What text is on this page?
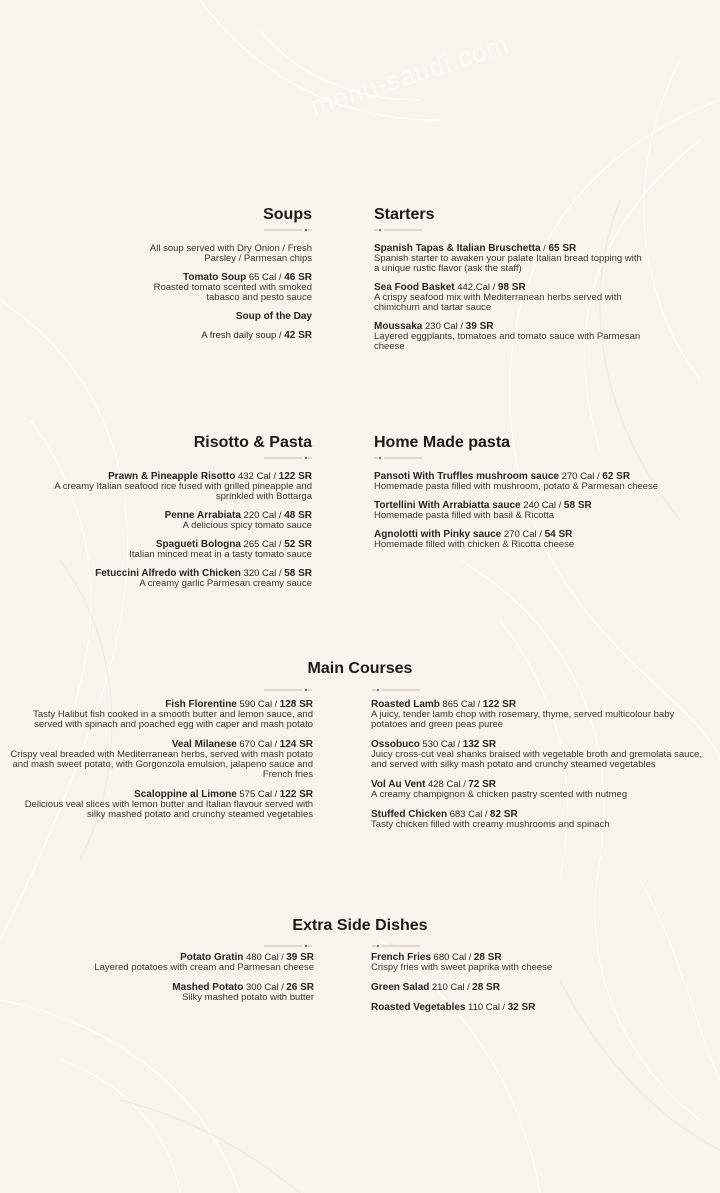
menu-saudi.com
Soups
All soup served with Dry Onion / Fresh Parsley / Parmesan chips
Tomato Soup 65 Cal / 46 SR
Roasted tomato scented with smoked tabasco and pesto sauce
Soup of the Day
A fresh daily soup / 42 SR
Starters
Spanish Tapas & Italian Bruschetta / 65 SR
Spanish starter to awaken your palate Italian bread topping with a unique rustic flavor (ask the staff)
Sea Food Basket 442.Cal / 98 SR
A crispy seafood mix with Mediterranean herbs served with chimichurri and tartar sauce
Moussaka 230 Cal / 39 SR
Layered eggplants, tomatoes and tomato sauce with Parmesan cheese
Risotto & Pasta
Prawn & Pineapple Risotto 432 Cal / 122 SR
A creamy Italian seafood rice fused with grilled pineapple and sprinkled with Bottarga
Penne Arrabiata 220 Cal / 48 SR
A delicious spicy tomato sauce
Spagueti Bologna 265 Cal / 52 SR
Italian minced meat in a tasty tomato sauce
Fetuccini Alfredo with Chicken 320 Cal / 58 SR
A creamy garlic Parmesan creamy sauce
Home Made pasta
Pansoti With Truffles mushroom sauce 270 Cal / 62 SR
Homemade pasta filled with mushroom, potato & Parmesan cheese
Tortellini With Arrabiatta sauce 240 Cal / 58 SR
Homemade pasta filled with basil & Ricotta
Agnolotti with Pinky sauce 270 Cal / 54 SR
Homemade filled with chicken & Ricotta cheese
Main Courses
Fish Florentine 590 Cal / 128 SR
Tasty Halibut fish cooked in a smooth butter and lemon sauce, and served with spinach and poached egg with caper and mash potato
Veal Milanese 670 Cal / 124 SR
Crispy veal breaded with Mediterranean herbs, served with mash potato and mash sweet potato, with Gorgonzola emulsion, jalapeno sauce and French fries
Scaloppine al Limone 575 Cal / 122 SR
Delicious veal slices with lemon butter and Italian flavour served with silky mashed potato and crunchy steamed vegetables
Roasted Lamb 865 Cal / 122 SR
A juicy, tender lamb chop with rosemary, thyme, served multicolour baby potatoes and green peas puree
Ossobuco 530 Cal / 132 SR
Juicy cross-cut veal shanks braised with vegetable broth and gremolata sauce, and served with silky mash potato and crunchy steamed vegetables
Vol Au Vent 428 Cal / 72 SR
A creamy champignon & chicken pastry scented with nutmeg
Stuffed Chicken 683 Cal / 82 SR
Tasty chicken filled with creamy mushrooms and spinach
Extra Side Dishes
Potato Gratin 480 Cal / 39 SR
Layered potatoes with cream and Parmesan cheese
Mashed Potato 300 Cal / 26 SR
Silky mashed potato with butter
French Fries 680 Cal / 28 SR
Crispy fries with sweet paprika with cheese
Green Salad 210 Cal / 28 SR
Roasted Vegetables 110 Cal / 32 SR
